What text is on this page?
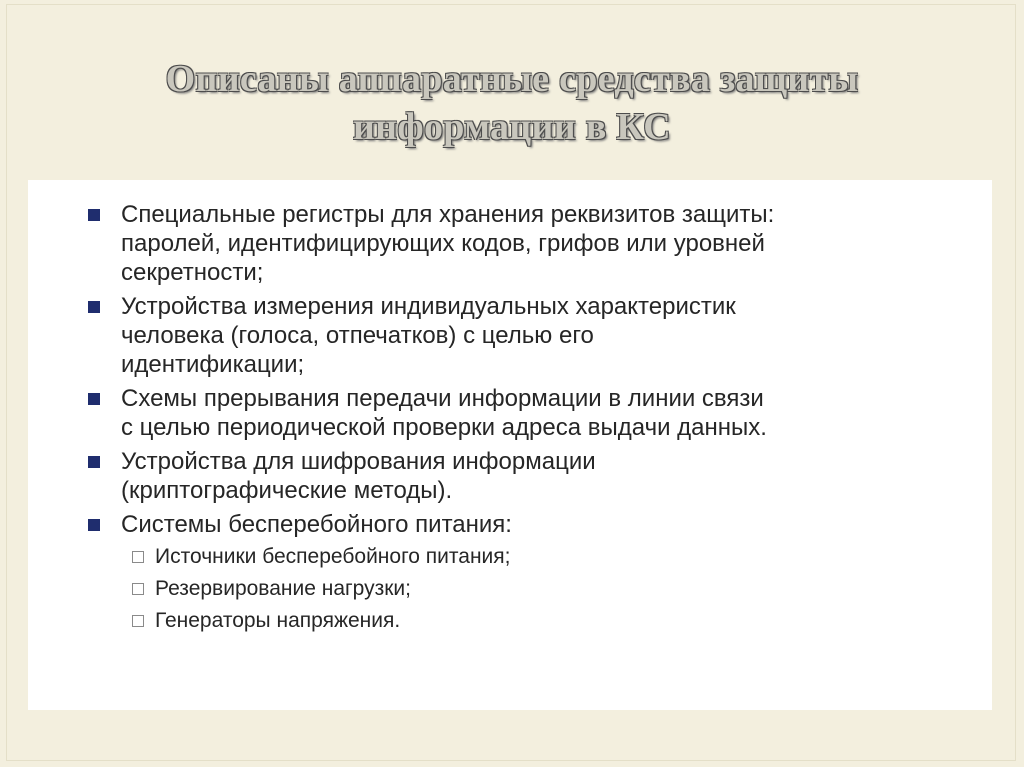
Описаны аппаратные средства защиты
информации в КС
Специальные регистры для хранения реквизитов защиты:
паролей, идентифицирующих кодов, грифов или уровней
секретности;
Устройства измерения индивидуальных характеристик
человека (голоса, отпечатков) с целью его
идентификации;
Схемы прерывания передачи информации в линии связи
с целью периодической проверки адреса выдачи данных.
Устройства для шифрования информации
(криптографические методы).
Системы бесперебойного питания:
Источники бесперебойного питания;
Резервирование нагрузки;
Генераторы напряжения.
